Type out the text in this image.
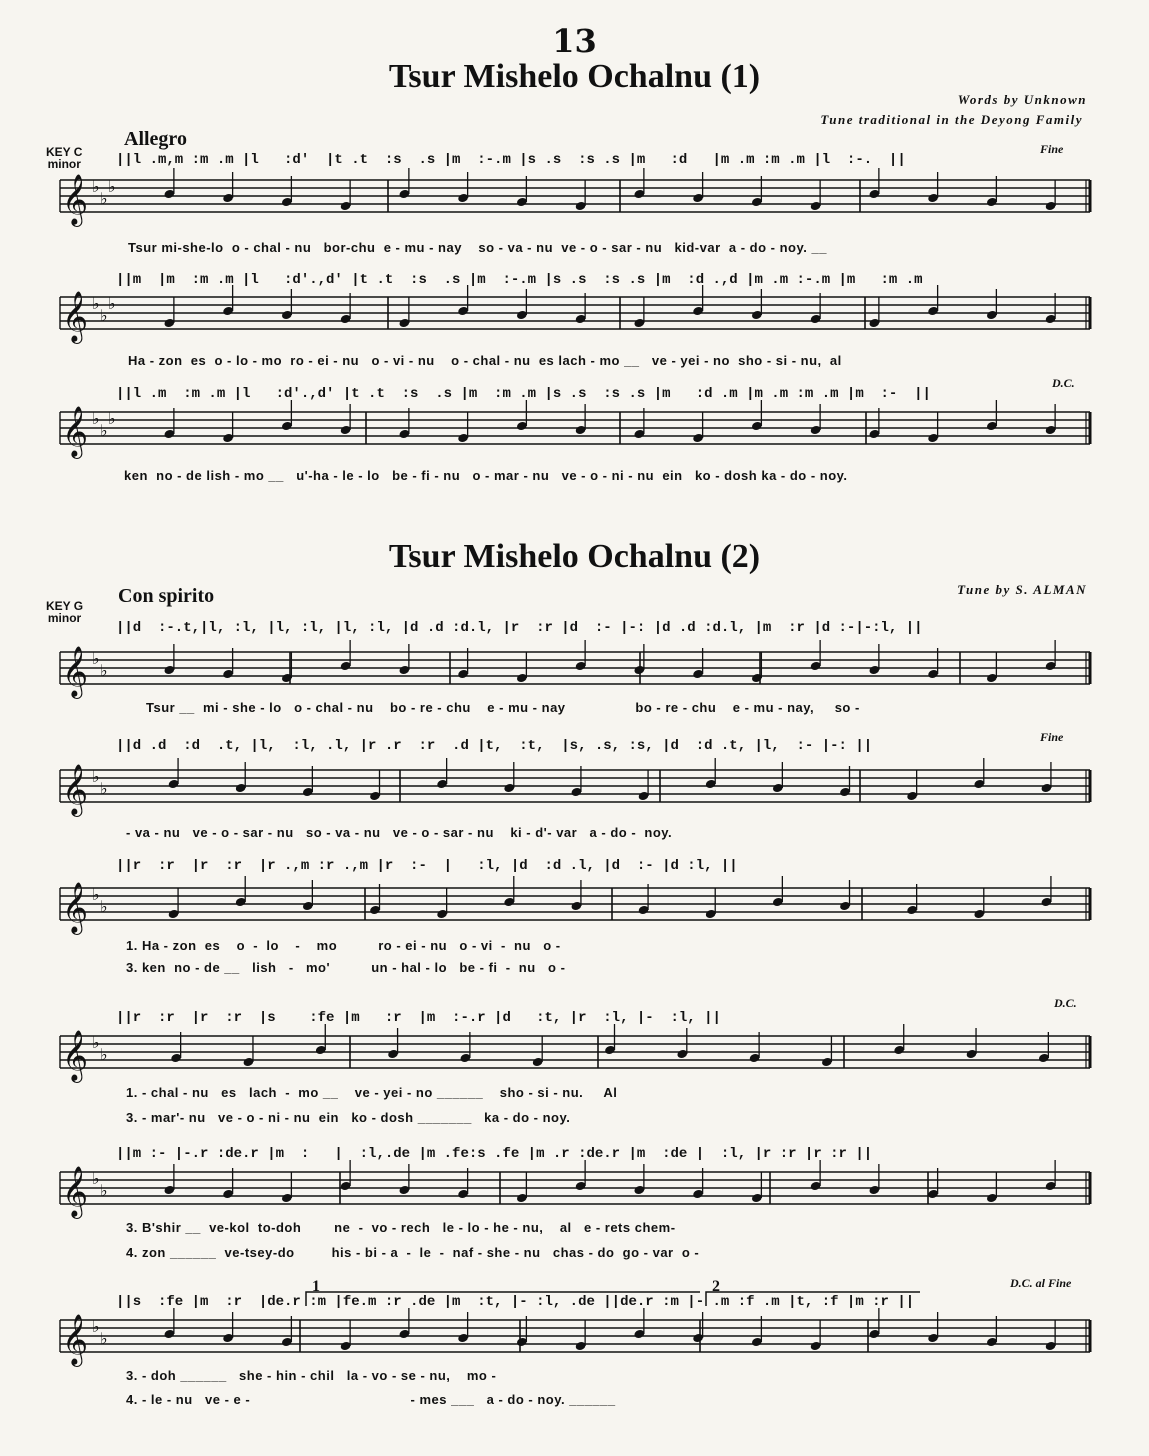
13
Tsur Mishelo Ochalnu (1)
Words by Unknown
Tune traditional in the Deyong Family
Allegro
KEY C
minor	||l .m,m :m .m |l   :d'  |t .t  :s  .s |m  :-.m |s .s  :s .s |m   :d   |m .m :m .m |l  :-.  ||
Fine
Tsur mi-she-lo  o - chal - nu   bor-chu  e - mu - nay    so - va - nu  ve - o - sar - nu   kid-var  a - do - noy. __
||m  |m  :m .m |l   :d'.,d' |t .t  :s  .s |m  :-.m |s .s  :s .s |m  :d .,d |m .m :-.m |m   :m .m
Ha - zon  es  o - lo - mo  ro - ei - nu   o - vi - nu    o - chal - nu  es lach - mo __   ve - yei - no  sho - si - nu,  al
||l .m  :m .m |l   :d'.,d' |t .t  :s  .s |m  :m .m |s .s  :s .s |m   :d .m |m .m :m .m |m  :-  ||
D.C.
ken  no - de lish - mo __   u'-ha - le - lo   be - fi - nu   o - mar - nu   ve - o - ni - nu  ein   ko - dosh ka - do - noy.
Tsur Mishelo Ochalnu (2)
Tune by S. ALMAN
Con spirito
KEY G
minor
||d  :-.t,|l, :l, |l, :l, |l, :l, |d .d :d.l, |r  :r |d  :- |-: |d .d :d.l, |m  :r |d :-|-:l, ||
Tsur __  mi - she - lo   o - chal - nu    bo - re - chu    e - mu - nay                 bo - re - chu    e - mu - nay,     so -
||d .d  :d  .t, |l,  :l, .l, |r .r  :r  .d |t,  :t,  |s, .s, :s, |d  :d .t, |l,  :- |-: ||
Fine
- va - nu   ve - o - sar - nu   so - va - nu   ve - o - sar - nu    ki - d'- var   a - do -  noy.
||r  :r  |r  :r  |r .,m :r .,m |r  :-  |   :l, |d  :d .l, |d  :- |d :l, ||
1. Ha - zon  es    o  -  lo    -    mo          ro - ei - nu   o - vi  -  nu   o -
3. ken  no - de __   lish   -   mo'          un - hal - lo   be - fi  -  nu   o -
||r  :r  |r  :r  |s    :fe |m   :r  |m  :-.r |d   :t, |r  :l, |-  :l, ||
D.C.
1. - chal - nu   es   lach  -  mo __    ve - yei - no ______    sho - si - nu.     Al
3. - mar'- nu   ve - o - ni - nu  ein   ko - dosh _______   ka - do - noy.
||m :- |-.r :de.r |m  :   |  :l,.de |m .fe:s .fe |m .r :de.r |m  :de |  :l, |r :r |r :r ||
3. B'shir __  ve-kol  to-doh        ne  -  vo - rech   le - lo - he - nu,    al   e - rets chem-
4. zon ______  ve-tsey-do         his - bi - a  -  le  -  naf - she - nu   chas - do  go - var  o -
||s  :fe |m  :r  |de.r :m |fe.m :r .de |m  :t, |- :l, .de ||de.r :m |- .m :f .m |t, :f |m :r ||
D.C. al Fine
1	2
3. - doh ______   she - hin - chil   la - vo - se - nu,    mo -
4. - le - nu   ve - e -                                       - mes ___   a - do - noy. ______
𝄞 ♭
♭
♭
𝄞 ♭
♭
♭
𝄞 ♭
♭
♭
𝄞 ♭
♭
𝄞 ♭
♭
𝄞 ♭
♭
𝄞 ♭
♭
𝄞 ♭
♭
𝄞 ♭
♭
